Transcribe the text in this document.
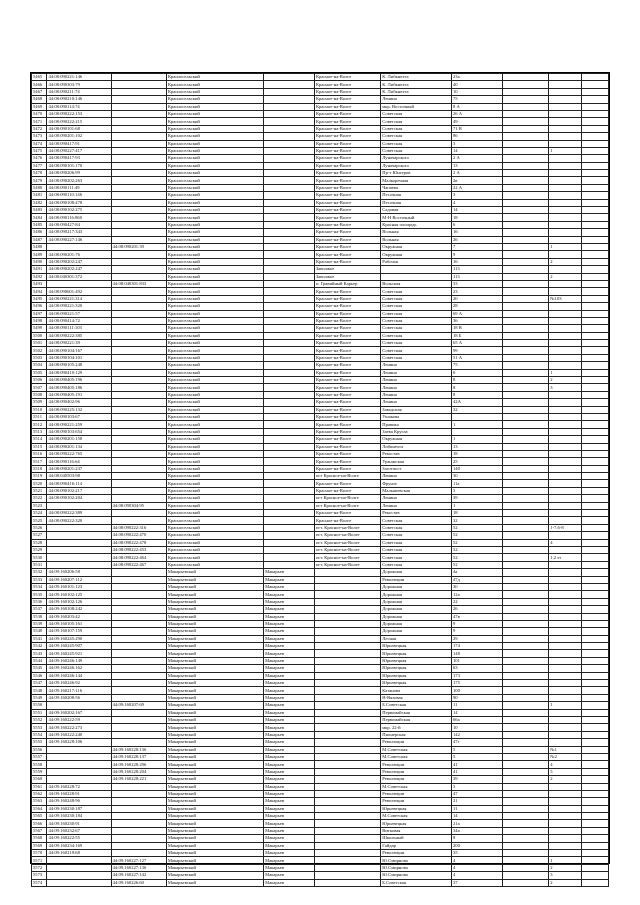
5465	44:08:090221:146		Красносельский		Красное-на-Волге	К. Либкнехта	23а			
5466	44:08:090303:79		Красносельский		Красное-на-Волге	К. Либкнехта	40			
5467	44:08:090211:74		Красносельский		Красное-на-Волге	К. Либкнехта	10			
5468	44:08:090210:146		Красносельский		Красное-на-Волге	Ленина	75			
5469	44:08:090114:74		Красносельский		Красное-на-Волге	мкр. Восточный	8 А			
5470	44:08:090222:153		Красносельский		Красное-на-Волге	Советская	26 А			
5471	44:08:090222:215		Красносельский		Красное-на-Волге	Советская	49			
5472	44:08:090101:68		Красносельский		Красное-на-Волге	Советская	71 В			
5473	44:08:090201:102		Красносельский		Красное-на-Волге	Советская	86			
5474	44:08:090417:91		Красносельский		Красное-на-Волге	Советская	3			
5475	44:08:090227:417		Красносельский		Красное-на-Волге	Советская	14		1	
5476	44:08:090417:93		Красносельский		Красное-на-Волге	Луначарского	2 А			
5477	44:08:090101:170		Красносельский		Красное-на-Волге	Луначарского	13			
5478	44:08:090206:99		Красносельский		Красное-на-Волге	Пр-т Юнгеров	2 А			
5479	44:08:090202:263		Красносельский		Красное-на-Волге	Малкоречная	2в			
5480	44:08:090111:49		Красносельский		Красное-на-Волге	Чапаева	22 А			
5481	44:08:090110:146		Красносельский		Красное-на-Волге	Песочная	3			
5482	44:08:090108:478		Красносельский		Красное-на-Волге	Песочная	4			
5483	44:08:090102:275		Красносельский		Красное-на-Волге	Садовая	14			
5484	44:08:090116:860		Красносельский		Красное-на-Волге	М-Н Восточный	18			
5485	44:08:090427:84		Красносельский		Красное-на-Волге	Красная площадь	6			
5486	44:08:090217:343		Красносельский		Красное-на-Волге	Вольная	16			
5487	44:08:090227:146		Красносельский		Красное-на-Волге	Вольная	26			
5488		44:08:090201:39	Красносельский		Красное-на-Волге	Окружная	7		1	
5489	44:08:090201:76		Красносельский		Красное-на-Волге	Окружная	9			
5490	44:08:090202:247		Красносельский		Красное-на-Волге	Рабочая	16		2	
5491	44:08:090202:247		Красносельский		Заволжье		113			
5492	44:08:040301:372		Красносельский		Заволжье		113		2	
5493		44:08:040301:833	Красносельский		п. Гравийный Карьер	Вольская	33			
5494	44:08:090601:492		Красносельский		Красное-на-Волге	Советская	23			
5495	44:08:090221:314		Красносельский		Красное-на-Волге	Советская	20		№103	
5496	44:08:090221:320		Красносельский		Красное-на-Волге	Советская	28			
5497	44:08:090221:57		Красносельский		Красное-на-Волге	Советская	69 А			
5498	44:08:090414:72		Красносельский		Красное-на-Волге	Советская	36			
5499	44:08:090111:103		Красносельский		Красное-на-Волге	Советская	18 В			
5500	44:08:090222:385		Красносельский		Красное-на-Волге	Советская	18 Б			
5501	44:08:090221:39		Красносельский		Красное-на-Волге	Советская	65 А			
5502	44:08:090104:167		Красносельский		Красное-на-Волге	Советская	99			
5503	44:08:090104:101		Красносельский		Красное-на-Волге	Советская	51 А			
5504	44:08:090105:248		Красносельский		Красное-на-Волге	Ленина	75			
5505	44:08:090410:129		Красносельский		Красное-на-Волге	Ленина	6		1	
5506	44:08:090405:196		Красносельский		Красное-на-Волге	Ленина	8		2	
5507	44:08:090405:186		Красносельский		Красное-на-Волге	Ленина	8		3	
5508	44:08:090405:191		Красносельский		Красное-на-Волге	Ленина	8			
5509	44:08:090402:96		Красносельский		Красное-на-Волге	Ленина	42А			
5510	44:08:090225:132		Красносельский		Красное-на-Волге	Заводская	32			
5511	44:08:090103:67		Красносельский		Красное-на-Волге	Ушакова				
5512	44:08:090221:259		Красносельский		Красное-на-Волге	Правика	1			
5513	44:08:090103:654		Красносельский		Красное-на-Волге	Заева Кругла				
5514	44:08:090201:158		Красносельский		Красное-на-Волге	Окружная	1			
5515	44:08:090201:134		Красносельский		Красное-на-Волге	Либкнехта	13			
5516	44:08:090222:765		Красносельский		Красное-на-Волге	Рекостав	18			
5517	44:08:090116:64		Красносельский		Красное-на-Волге	Уржамская	25			
5518	44:08:090201:237		Красносельский		Красное-на-Волге	Заготпост	140			
5519	44:08:040503:98		Красносельский		пгт Красное-на-Волге	Ленина	30			
5520	44:08:090416:114		Красносельский		Красное-на-Волге	Фрунзе	11а			
5521	44:08:090102:217		Красносельский		Красное-на-Волге	Малышевская	3			
5522	44:08:090102:204		Красносельский		пгт Красное-на-Волге	Ленина	39			
5523		44:08:090304:95	Красносельский		пгт Красное-на-Волге	Ленина	1			
5524	44:08:090222:389		Красносельский		Красное-на-Волге	Рекостав	18			
5525	44:08:090222:320		Красносельский		Красное-на-Волге	Советская	32			
5526		44:08:090222:316	Красносельский		пгт. Красное-на-Волге	Советская	52		1-7,6-8	
5527		44:08:090222:470	Красносельский		пгт. Красное-на-Волге	Советская	52			
5528		44:08:090222:478	Красносельский		пгт. Красное-на-Волге	Советская	52		4	
5529		44:08:090222:453	Красносельский		пгт. Красное-на-Волге	Советская	52			
5530		44:08:090222:464	Красносельский		пгт. Красное-на-Волге	Советская	52		1,2 эт	
5531		44:08:090222:467	Красносельский		пгт. Красное-на-Волге	Советская	52			
5532	44:09:160206:58		Макарьевский	Макарьев		Дорожная	4а			
5533	44:09:160207:112		Макарьевский	Макарьев		Революции	47д			
5534	44:09:160101:123		Макарьевский	Макарьев		Дорожная	30			
5535	44:09:160102:125		Макарьевский	Макарьев		Дорожная	12а			
5536	44:09:160102:126		Макарьевский	Макарьев		Дорожная	22			
5537	44:09:160108:242		Макарьевский	Макарьев		Дорожная	26			
5538	44:09:160203:42		Макарьевский	Макарьев		Дорожная	47в			
5539	44:09:160105:161		Макарьевский	Макарьев		Дорожная	9			
5540	44:09:160107:159		Макарьевский	Макарьев		Дорожная	9			
5541	44:09:160245:290		Макарьевский	Макарьев		Лесная	29			
5542	44:09:160245:907		Макарьевский	Макарьев		Юрьевецкая	174			
5543	44:09:160245:921		Макарьевский	Макарьев		Юрьевецкая	148			
5544	44:09:160246:149		Макарьевский	Макарьев		Юрьевецкая	101			
5545	44:09:160246:162		Макарьевский	Макарьев		Юрьевецкая	63			
5546	44:09:160246:144		Макарьевский	Макарьев		Юрьевецкая	173			
5547	44:09:160246:92		Макарьевский	Макарьев		Юрьевецкая	175			
5548	44:09:160217:116		Макарьевский	Макарьев		Катанова	100			
5549	44:09:160208:56		Макарьевский	Макарьев		Н-Вязовая	90			
5550		44:09:160207:69	Макарьевский	Макарьев		Б.Советская	11		1	
5551	44:09:160202:167		Макарьевский	Макарьев		Первомайская	14			
5552	44:09:160222:59		Макарьевский	Макарьев		Первомайская	66а			
5553	44:09:160222:273		Макарьевский	Макарьев		мкр. 22-й	10			
5554	44:09:160222:240		Макарьевский	Макарьев		Пионерская	142			
5555	44:09:160228:106		Макарьевский	Макарьев		Революции	47г			
5556		44:09:160228:136	Макарьевский	Макарьев		М.Советская	5		№1	
5557		44:09:160228:137	Макарьевский	Макарьев		М.Советская	5		№2	
5558		44:09:160228:296	Макарьевский	Макарьев		Революции	41		4	
5559		44:09:160228:204	Макарьевский	Макарьев		Революции	41		5	
5560		44:09:160228:221	Макарьевский	Макарьев		Революции	39		2	
5561	44:09:160228:72		Макарьевский	Макарьев		М.Советская	3			
5562	44:09:160228:91		Макарьевский	Макарьев		Революции	47			
5563	44:09:160248:96		Макарьевский	Макарьев		Революции	21			
5564	44:09:160230:187		Макарьевский	Макарьев		Юрьевецкая	11			
5565	44:09:160230:184		Макарьевский	Макарьев		М.Советская	14			
5566	44:09:160230:91		Макарьевский	Макарьев		Юрьевецкая	21а			
5567	44:09:160232:67		Макарьевский	Макарьев		Витковая	34а			
5568	44:09:160222:55		Макарьевский	Макарьев		Школьный	8			
5569	44:09:160234:169		Макарьевский	Макарьев		Гайдар	200			
5570	44:09:160219:68		Макарьевский	Макарьев		Революции	35			
5571		44:09:160227:127	Макарьевский	Макарьев		Ю.Смирнова	4		1	
5572		44:09:160227:136	Макарьевский	Макарьев		Ю.Смирнова	4		2	
5573		44:09:160227:142	Макарьевский	Макарьев		Ю.Смирнова	4		3	
5574		44:09:160226:60	Макарьевский	Макарьев		Б.Советская	37		2	
